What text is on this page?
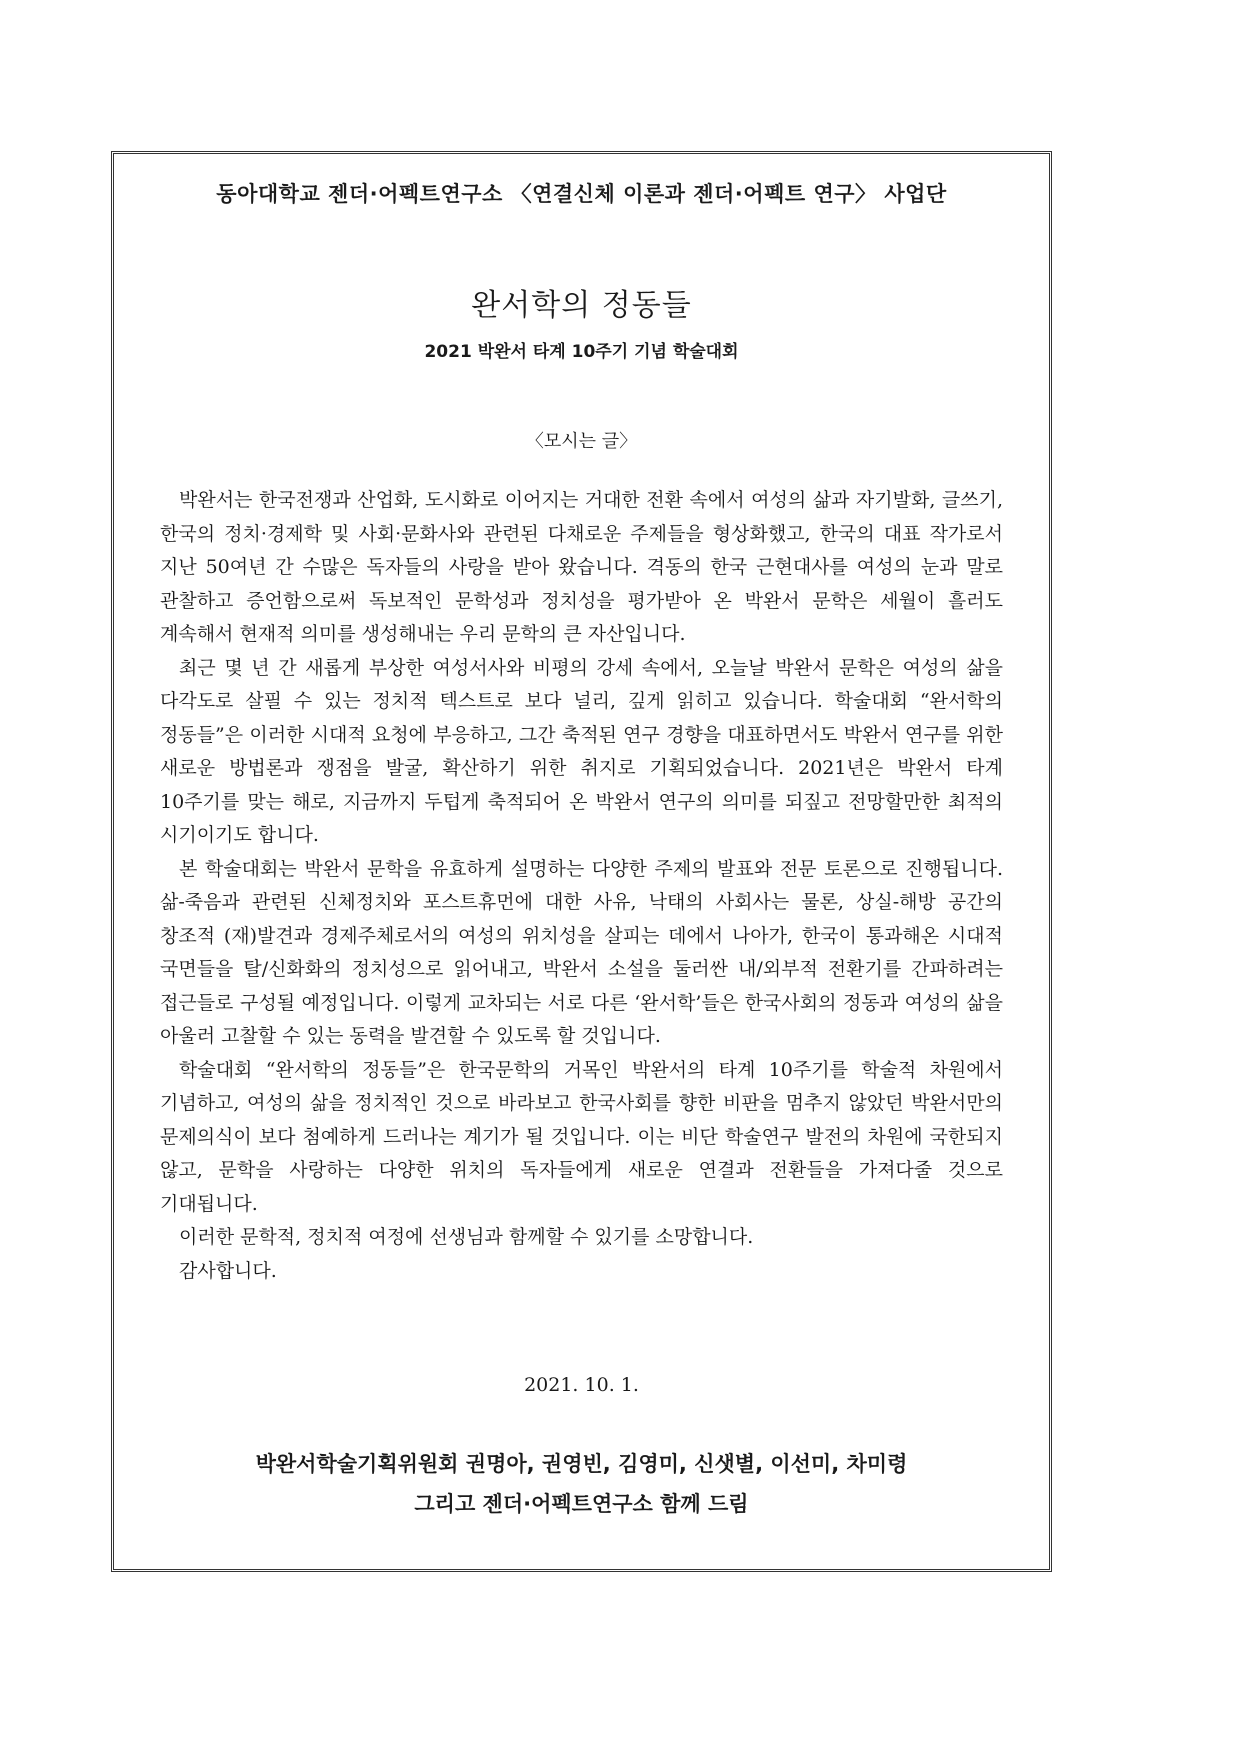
동아대학교 젠더·어펙트연구소 〈연결신체 이론과 젠더·어펙트 연구〉 사업단
완서학의 정동들
2021 박완서 타계 10주기 기념 학술대회
〈모시는 글〉

박완서는 한국전쟁과 산업화, 도시화로 이어지는 거대한 전환 속에서 여성의 삶과 자기발화, 글쓰기, 한국의 정치·경제학 및 사회·문화사와 관련된 다채로운 주제들을 형상화했고, 한국의 대표 작가로서 지난 50여년 간 수많은 독자들의 사랑을 받아 왔습니다. 격동의 한국 근현대사를 여성의 눈과 말로 관찰하고 증언함으로써 독보적인 문학성과 정치성을 평가받아 온 박완서 문학은 세월이 흘러도 계속해서 현재적 의미를 생성해내는 우리 문학의 큰 자산입니다.

최근 몇 년 간 새롭게 부상한 여성서사와 비평의 강세 속에서, 오늘날 박완서 문학은 여성의 삶을 다각도로 살필 수 있는 정치적 텍스트로 보다 널리, 깊게 읽히고 있습니다. 학술대회 “완서학의 정동들”은 이러한 시대적 요청에 부응하고, 그간 축적된 연구 경향을 대표하면서도 박완서 연구를 위한 새로운 방법론과 쟁점을 발굴, 확산하기 위한 취지로 기획되었습니다. 2021년은 박완서 타계 10주기를 맞는 해로, 지금까지 두텁게 축적되어 온 박완서 연구의 의미를 되짚고 전망할만한 최적의 시기이기도 합니다.

본 학술대회는 박완서 문학을 유효하게 설명하는 다양한 주제의 발표와 전문 토론으로 진행됩니다. 삶-죽음과 관련된 신체정치와 포스트휴먼에 대한 사유, 낙태의 사회사는 물론, 상실-해방 공간의 창조적 (재)발견과 경제주체로서의 여성의 위치성을 살피는 데에서 나아가, 한국이 통과해온 시대적 국면들을 탈/신화화의 정치성으로 읽어내고, 박완서 소설을 둘러싼 내/외부적 전환기를 간파하려는 접근들로 구성될 예정입니다. 이렇게 교차되는 서로 다른 ‘완서학’들은 한국사회의 정동과 여성의 삶을 아울러 고찰할 수 있는 동력을 발견할 수 있도록 할 것입니다.

학술대회 “완서학의 정동들”은 한국문학의 거목인 박완서의 타계 10주기를 학술적 차원에서 기념하고, 여성의 삶을 정치적인 것으로 바라보고 한국사회를 향한 비판을 멈추지 않았던 박완서만의 문제의식이 보다 첨예하게 드러나는 계기가 될 것입니다. 이는 비단 학술연구 발전의 차원에 국한되지 않고, 문학을 사랑하는 다양한 위치의 독자들에게 새로운 연결과 전환들을 가져다줄 것으로 기대됩니다.

이러한 문학적, 정치적 여정에 선생님과 함께할 수 있기를 소망합니다.

감사합니다.

2021. 10. 1.
박완서학술기획위원회 권명아, 권영빈, 김영미, 신샛별, 이선미, 차미령
그리고 젠더·어펙트연구소 함께 드림
